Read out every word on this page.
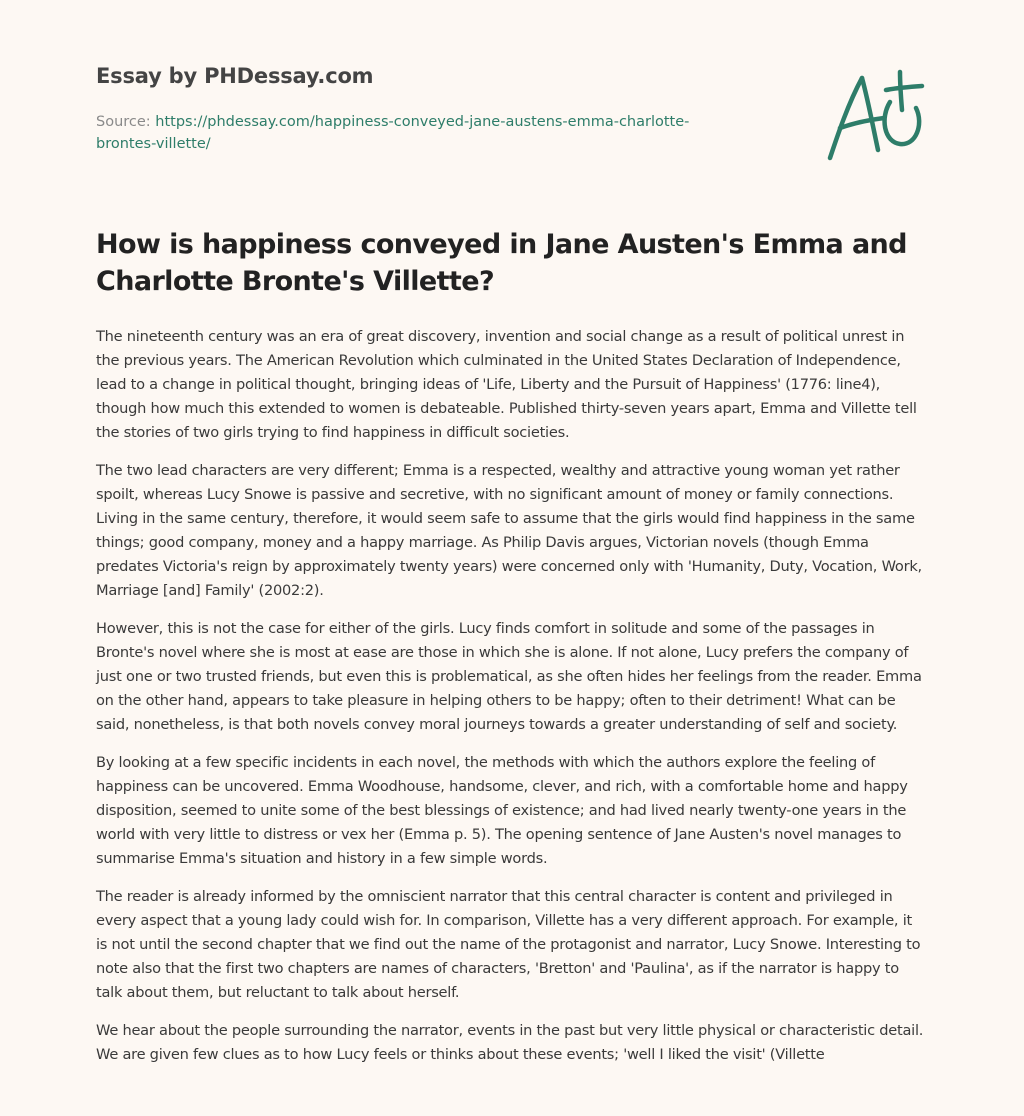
Essay by PHDessay.com
Source: https://phdessay.com/happiness-conveyed-jane-austens-emma-charlotte-brontes-villette/
How is happiness conveyed in Jane Austen's Emma and Charlotte Bronte's Villette?

The nineteenth century was an era of great discovery, invention and social change as a result of political unrest in the previous years. The American Revolution which culminated in the United States Declaration of Independence, lead to a change in political thought, bringing ideas of 'Life, Liberty and the Pursuit of Happiness' (1776: line4), though how much this extended to women is debateable. Published thirty-seven years apart, Emma and Villette tell the stories of two girls trying to find happiness in difficult societies.

The two lead characters are very different; Emma is a respected, wealthy and attractive young woman yet rather spoilt, whereas Lucy Snowe is passive and secretive, with no significant amount of money or family connections. Living in the same century, therefore, it would seem safe to assume that the girls would find happiness in the same things; good company, money and a happy marriage. As Philip Davis argues, Victorian novels (though Emma predates Victoria's reign by approximately twenty years) were concerned only with 'Humanity, Duty, Vocation, Work, Marriage [and] Family' (2002:2).

However, this is not the case for either of the girls. Lucy finds comfort in solitude and some of the passages in Bronte's novel where she is most at ease are those in which she is alone. If not alone, Lucy prefers the company of just one or two trusted friends, but even this is problematical, as she often hides her feelings from the reader. Emma on the other hand, appears to take pleasure in helping others to be happy; often to their detriment! What can be said, nonetheless, is that both novels convey moral journeys towards a greater understanding of self and society.

By looking at a few specific incidents in each novel, the methods with which the authors explore the feeling of happiness can be uncovered. Emma Woodhouse, handsome, clever, and rich, with a comfortable home and happy disposition, seemed to unite some of the best blessings of existence; and had lived nearly twenty-one years in the world with very little to distress or vex her (Emma p. 5). The opening sentence of Jane Austen's novel manages to summarise Emma's situation and history in a few simple words.

The reader is already informed by the omniscient narrator that this central character is content and privileged in every aspect that a young lady could wish for. In comparison, Villette has a very different approach. For example, it is not until the second chapter that we find out the name of the protagonist and narrator, Lucy Snowe. Interesting to note also that the first two chapters are names of characters, 'Bretton' and 'Paulina', as if the narrator is happy to talk about them, but reluctant to talk about herself.

We hear about the people surrounding the narrator, events in the past but very little physical or characteristic detail. We are given few clues as to how Lucy feels or thinks about these events; 'well I liked the visit' (Villette
